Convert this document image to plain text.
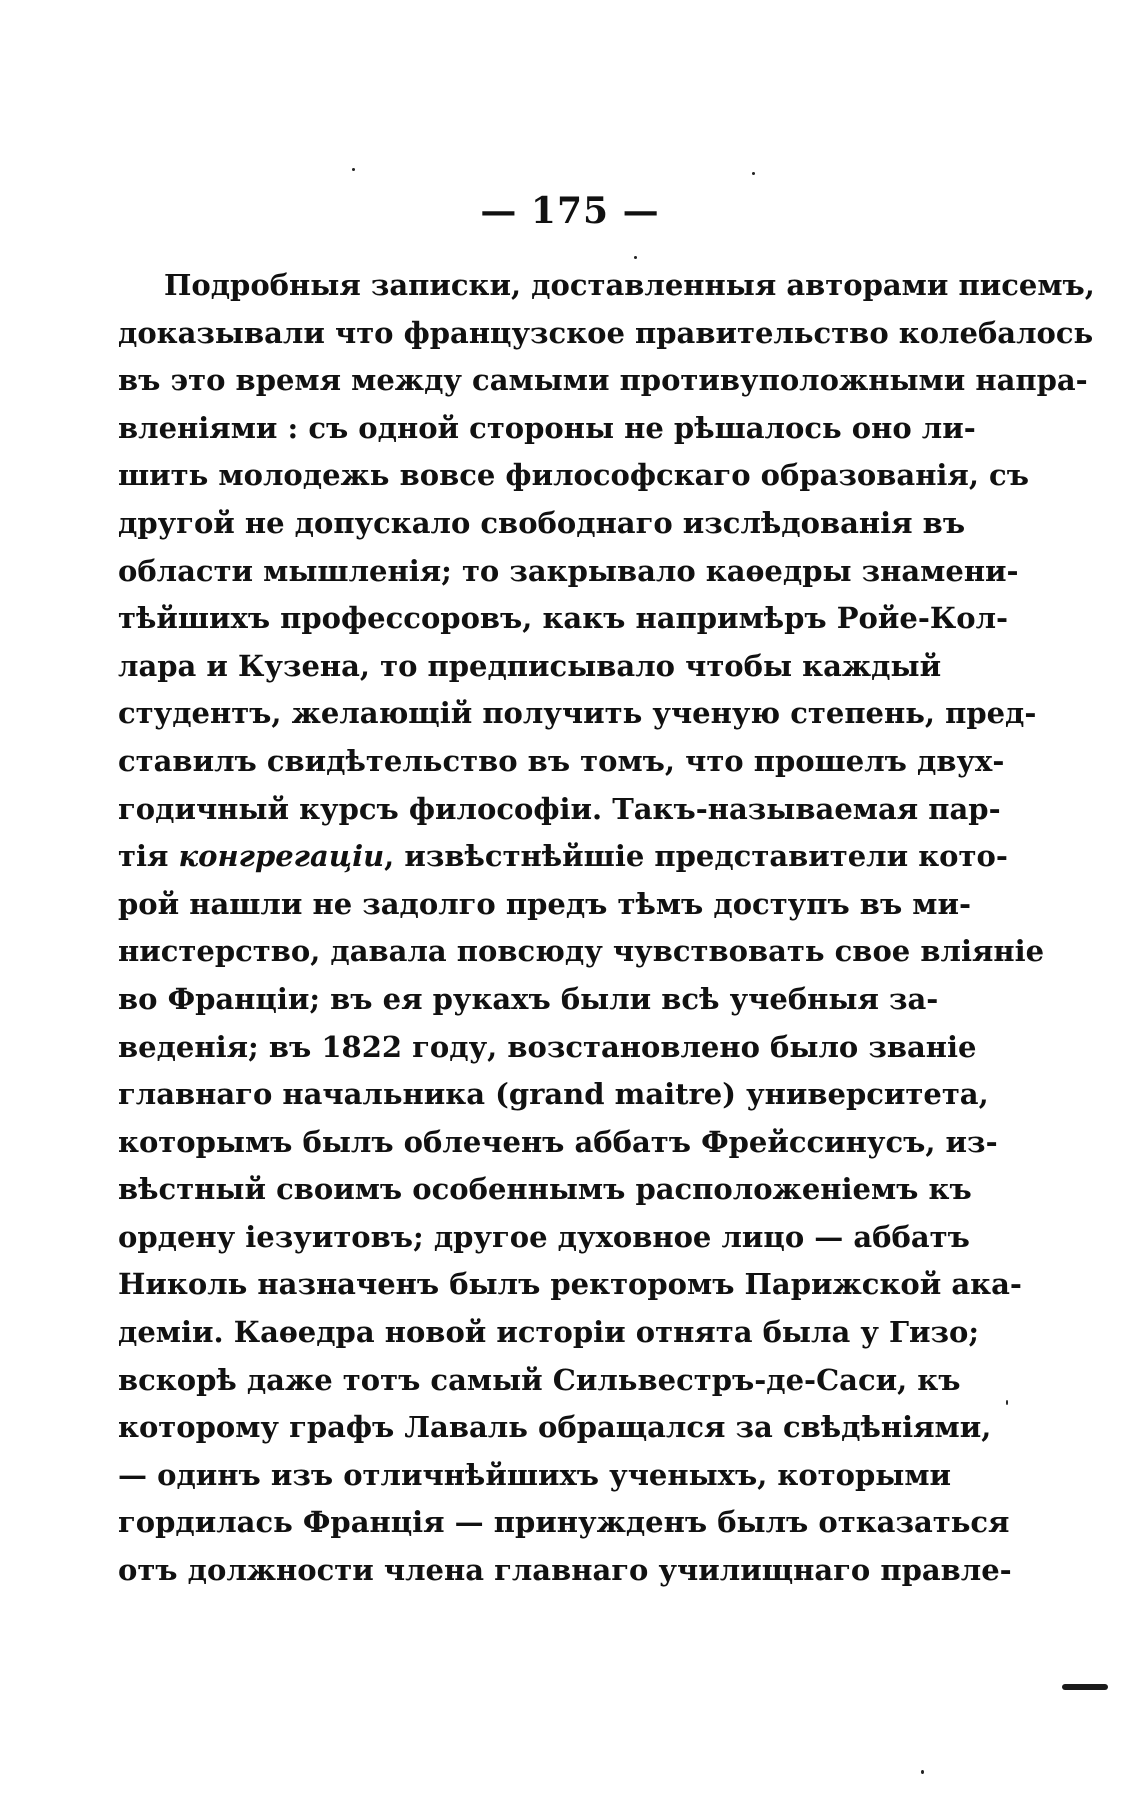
— 175 —
Подробныя записки, доставленныя авторами писемъ,
доказывали что французское правительство колебалось
въ это время между самыми противуположными напра-
вленіями : съ одной стороны не рѣшалось оно ли-
шить молодежь вовсе философскаго образованія, съ
другой не допускало свободнаго изслѣдованія въ
области мышленія; то закрывало каѳедры знамени-
тѣйшихъ профессоровъ, какъ напримѣръ Ройе-Кол-
лара и Кузена, то предписывало чтобы каждый
студентъ, желающій получить ученую степень, пред-
ставилъ свидѣтельство въ томъ, что прошелъ двух-
годичный курсъ философіи. Такъ-называемая пар-
тія конгрегаціи, извѣстнѣйшіе представители кото-
рой нашли не задолго предъ тѣмъ доступъ въ ми-
нистерство, давала повсюду чувствовать свое вліяніе
во Франціи; въ ея рукахъ были всѣ учебныя за-
веденія; въ 1822 году, возстановлено было званіе
главнаго начальника (grand maitre) университета,
которымъ былъ облеченъ аббатъ Фрейссинусъ, из-
вѣстный своимъ особеннымъ расположеніемъ къ
ордену іезуитовъ; другое духовное лицо — аббатъ
Николь назначенъ былъ ректоромъ Парижской ака-
деміи. Каѳедра новой исторіи отнята была у Гизо;
вскорѣ даже тотъ самый Сильвестръ-де-Саси, къ
которому графъ Лаваль обращался за свѣдѣніями,
— одинъ изъ отличнѣйшихъ ученыхъ, которыми
гордилась Франція — принужденъ былъ отказаться
отъ должности члена главнаго училищнаго правле-
